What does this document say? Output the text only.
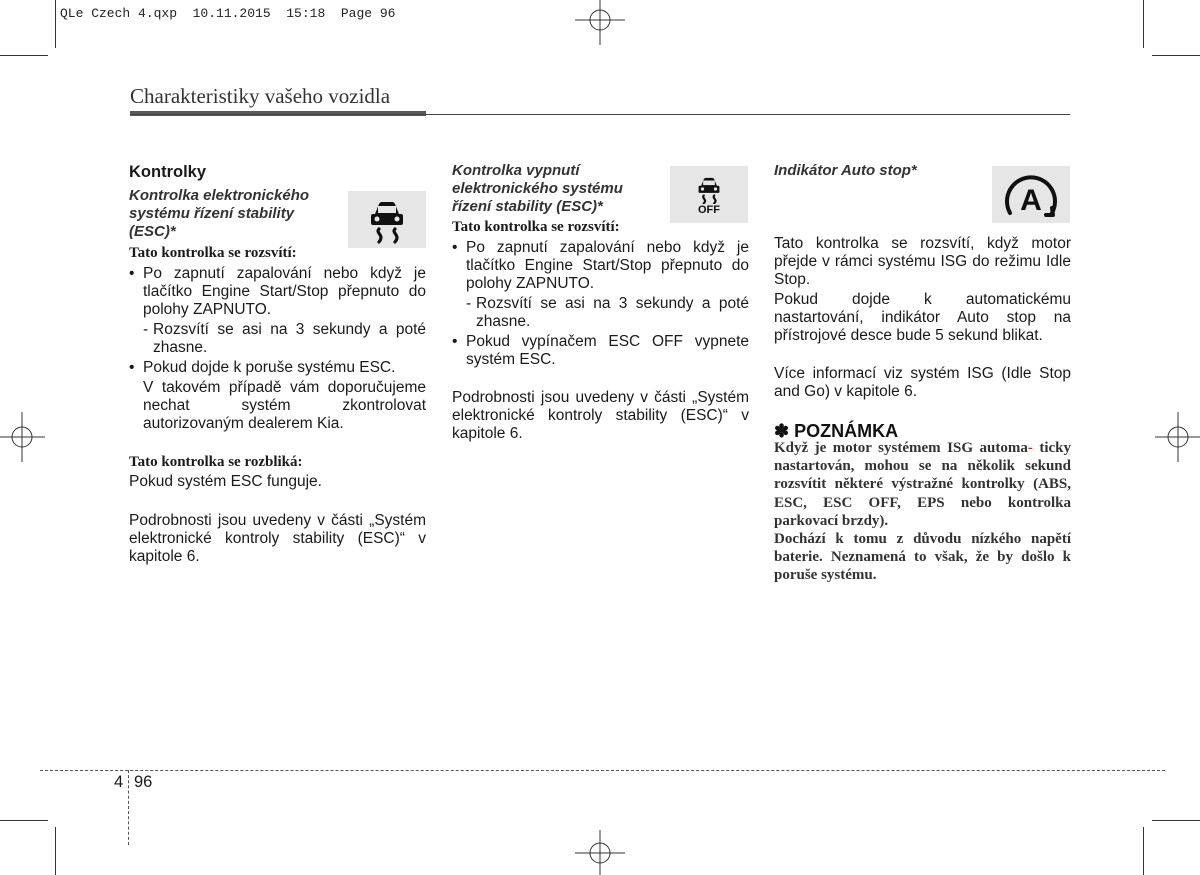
QLe Czech 4.qxp  10.11.2015  15:18  Page 96
Charakteristiky vašeho vozidla

Kontrolky

Kontrolka elektronického

systému řízení stability

(ESC)*

Tato kontrolka se rozsvítí:

• Po zapnutí zapalování nebo když je tlačítko Engine Start/Stop přepnuto do polohy ZAPNUTO.
- Rozsvítí se asi na 3 sekundy a poté zhasne.
• Pokud dojde k poruše systému ESC.

V takovém případě vám doporučujeme nechat systém zkontrolovat autorizovaným dealerem Kia.

Tato kontrolka se rozbliká:

Pokud systém ESC funguje.

Podrobnosti jsou uvedeny v části „Systém elektronické kontroly stability (ESC)“ v kapitole 6.

Kontrolka vypnutí

elektronického systému

řízení stability (ESC)*

Tato kontrolka se rozsvítí:

• Po zapnutí zapalování nebo když je tlačítko Engine Start/Stop přepnuto do polohy ZAPNUTO.
- Rozsvítí se asi na 3 sekundy a poté zhasne.
• Pokud vypínačem ESC OFF vypnete systém ESC.

Podrobnosti jsou uvedeny v části „Systém elektronické kontroly stability (ESC)“ v kapitole 6.

OFF

Indikátor Auto stop*

Tato kontrolka se rozsvítí, když motor přejde v rámci systému ISG do režimu Idle Stop.

Pokud dojde k automatickému nastartování, indikátor Auto stop na přístrojové desce bude 5 sekund blikat.

Více informací viz systém ISG (Idle Stop and Go) v kapitole 6.

✽ POZNÁMKA

Když je motor systémem ISG automa- ticky nastartován, mohou se na několik sekund rozsvítit některé výstražné kontrolky (ABS, ESC, ESC OFF, EPS nebo kontrolka parkovací brzdy).

Dochází k tomu z důvodu nízkého napětí baterie. Neznamená to však, že by došlo k poruše systému.

A
4 96
